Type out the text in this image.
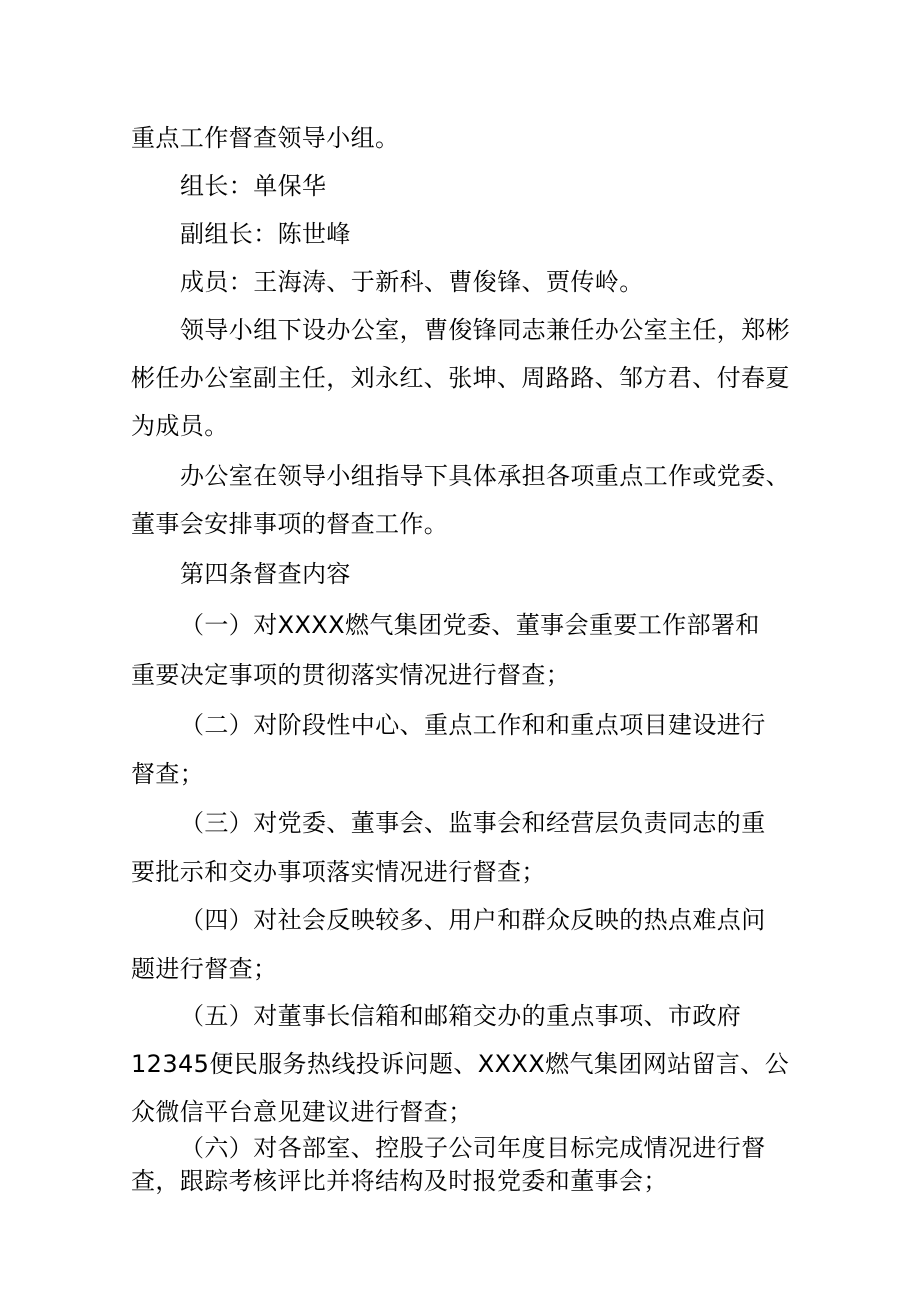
重点工作督查领导小组。
组长：单保华
副组长：陈世峰
成员：王海涛、于新科、曹俊锋、贾传岭。
领导小组下设办公室，曹俊锋同志兼任办公室主任，郑彬
彬任办公室副主任，刘永红、张坤、周路路、邹方君、付春夏
为成员。
办公室在领导小组指导下具体承担各项重点工作或党委、
董事会安排事项的督查工作。
第四条督查内容
（一）对XXXX燃气集团党委、董事会重要工作部署和
重要决定事项的贯彻落实情况进行督查；
（二）对阶段性中心、重点工作和和重点项目建设进行
督查；
（三）对党委、董事会、监事会和经营层负责同志的重
要批示和交办事项落实情况进行督查；
（四）对社会反映较多、用户和群众反映的热点难点问
题进行督查；
（五）对董事长信箱和邮箱交办的重点事项、市政府
12345便民服务热线投诉问题、XXXX燃气集团网站留言、公
众微信平台意见建议进行督查；
（六）对各部室、控股子公司年度目标完成情况进行督
查，跟踪考核评比并将结构及时报党委和董事会；
